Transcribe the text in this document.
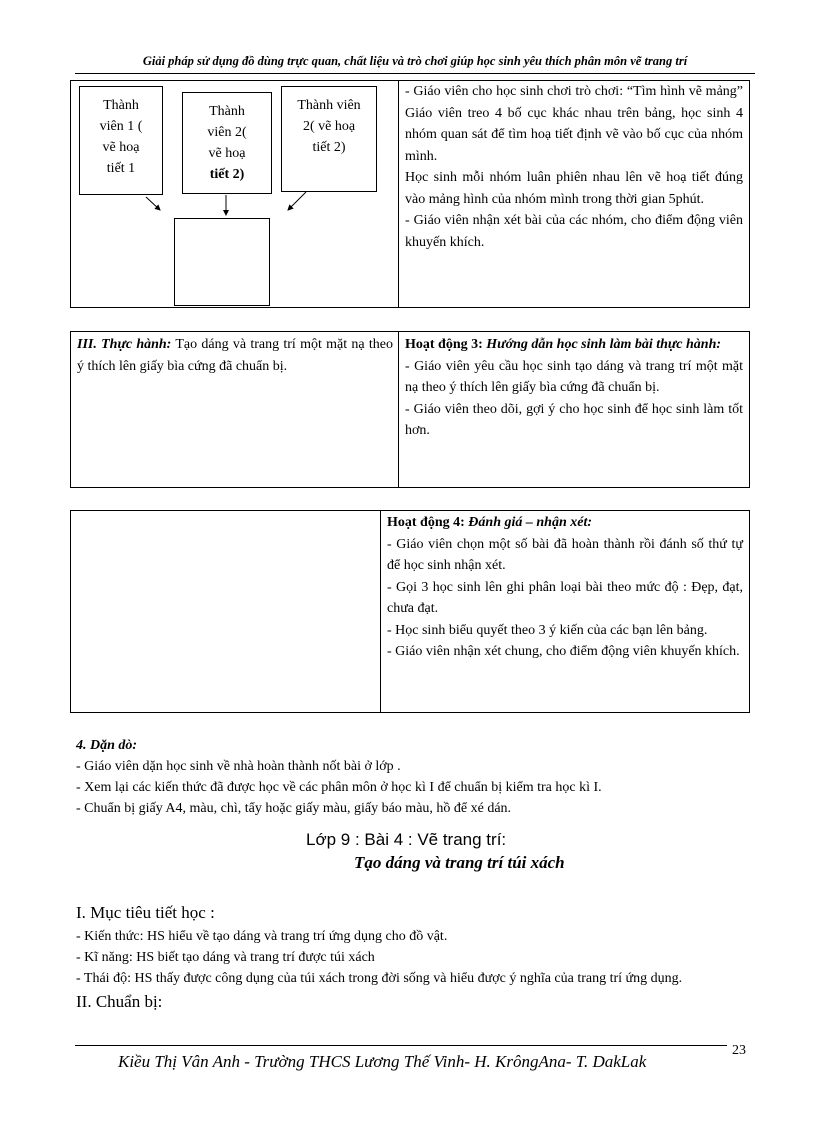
Giải pháp sử dụng đồ dùng trực quan, chất liệu và trò chơi giúp học sinh yêu thích phân môn vẽ trang trí
Thành
viên 1 (
vẽ hoạ
tiết 1
Thành
viên 2(
vẽ hoạ
tiết 2)
Thành viên
2( vẽ hoạ
tiết 2)
- Giáo viên cho học sinh chơi trò chơi: “Tìm hình vẽ mảng” Giáo viên treo 4 bố cục khác nhau trên bảng, học sinh 4 nhóm quan sát để tìm hoạ tiết định vẽ vào bố cục của nhóm mình.
Học sinh mỗi nhóm luân phiên nhau lên vẽ hoạ tiết đúng vào mảng hình của nhóm mình trong thời gian 5phút.
- Giáo viên nhận xét bài của các nhóm, cho điểm động viên khuyến khích.
III. Thực hành: Tạo dáng và trang trí một mặt nạ theo ý thích lên giấy bìa cứng đã chuẩn bị.
Hoạt động 3: Hướng dẫn học sinh làm bài thực hành:
- Giáo viên yêu cầu học sinh tạo dáng và trang trí một mặt nạ theo ý thích lên giấy bìa cứng đã chuẩn bị.
- Giáo viên theo dõi, gợi ý cho học sinh để học sinh làm tốt hơn.
Hoạt động 4: Đánh giá – nhận xét:
- Giáo viên chọn một số bài đã hoàn thành rồi đánh số thứ tự để học sinh nhận xét.
- Gọi 3 học sinh lên ghi phân loại bài theo mức độ : Đẹp, đạt, chưa đạt.
- Học sinh biểu quyết theo 3 ý kiến của các bạn lên bảng.
- Giáo viên nhận xét chung, cho điểm động viên khuyến khích.
4. Dặn dò:
- Giáo viên dặn học sinh về nhà hoàn thành nốt bài ở lớp .
- Xem lại các kiến thức đã được học về các phân môn ở học kì I để chuẩn bị kiểm tra học kì I.
- Chuẩn bị giấy A4, màu, chì, tẩy hoặc giấy màu, giấy báo màu, hồ để xé dán.
Lớp 9 : Bài 4 : Vẽ trang trí:
Tạo dáng và trang trí túi xách
I. Mục tiêu tiết học :
- Kiến thức: HS hiểu về tạo dáng và trang trí ứng dụng cho đồ vật.
- Kĩ năng: HS biết tạo dáng và trang trí được túi xách
- Thái độ: HS thấy được công dụng của túi xách trong đời sống và hiểu được ý nghĩa của trang trí ứng dụng.
II. Chuẩn bị:
Kiều Thị Vân Anh - Trường THCS Lương Thế Vinh- H. KrôngAna- T. DakLak
23
